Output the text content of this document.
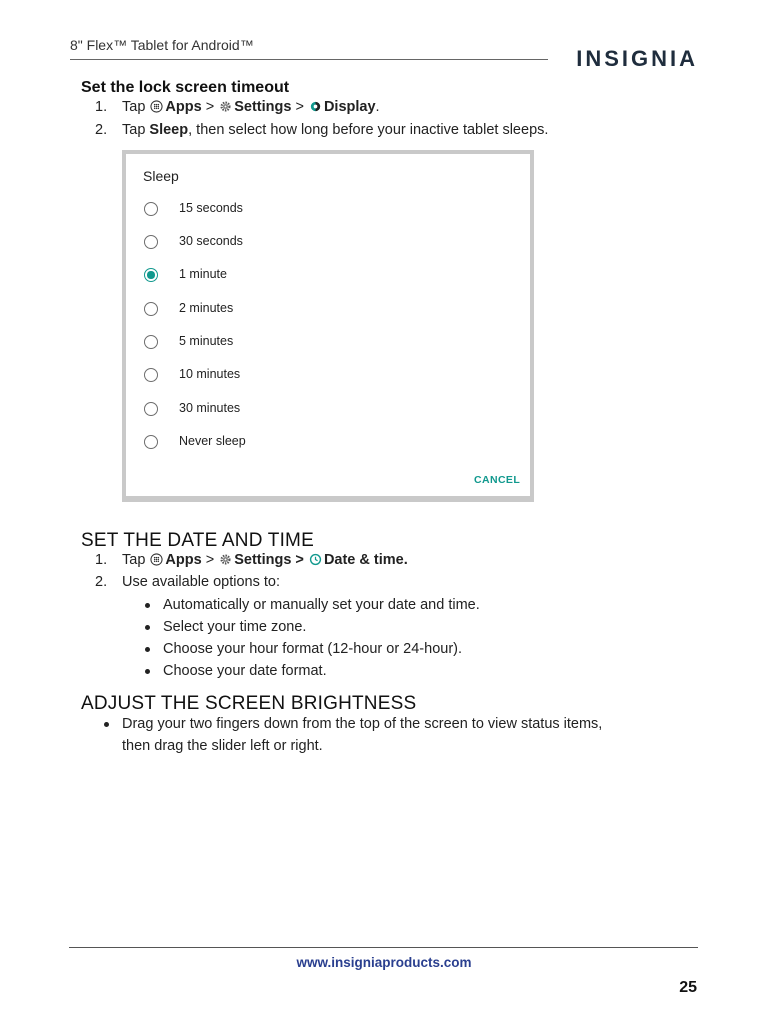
8" Flex™ Tablet for Android™
INSIGNIA
Set the lock screen timeout
1. Tap Apps > Settings > Display.
2. Tap Sleep, then select how long before your inactive tablet sleeps.
Sleep
15 seconds
30 seconds
1 minute
2 minutes
5 minutes
10 minutes
30 minutes
Never sleep
CANCEL
SET THE DATE AND TIME
1. Tap Apps > Settings > Date & time.
2. Use available options to:
Automatically or manually set your date and time.
Select your time zone.
Choose your hour format (12-hour or 24-hour).
Choose your date format.
ADJUST THE SCREEN BRIGHTNESS
Drag your two fingers down from the top of the screen to view status items,
then drag the slider left or right.
www.insigniaproducts.com
25
